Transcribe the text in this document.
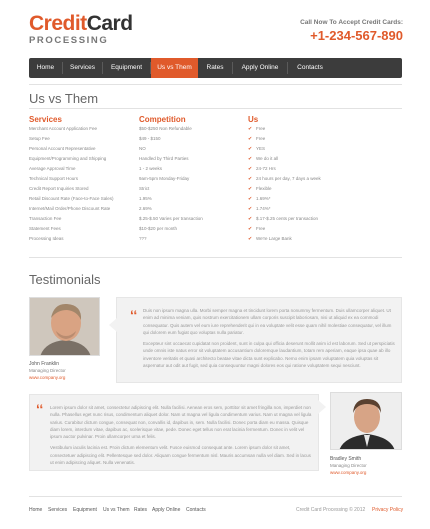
CreditCard
PROCESSING
Call Now To Accept Credit Cards:
+1-234-567-890
Home	Services	Equipment	Us vs Them	Rates	Apply Online	Contacts
Us vs Them
Services	Competition	Us
Merchant Account Application Fee	$50-$250 Non Refundable	✔ Free
Setup Fee	$49 - $150	✔ Free
Personal Account Representative	NO	✔ YES
Equipment/Programming and Shipping	Handled by Third Parties	✔ We do it all
Average Approval Time	1 - 2 weeks	✔ 24-72 Hrs
Technical Support Hours	9am-5pm Monday-Friday	✔ 24 hours per day, 7 days a week
Credit Report Inquiries Stored	Strict	✔ Flexible
Retail Discount Rate (Face-to-Face Sales)	1.95%	✔ 1.69%*
Internet/Mail Order/Phone Discount Rate	2.69%	✔ 1.74%*
Transaction Fee	$.25-$.50 Varies per transaction	✔ $.17-$.25 cents per transaction
Statement Fees	$10-$20 per month	✔ Free
Processing Ideas	???	✔ We're Large Bank
Testimonials
John Franklin
Managing Director
www.company.org

Duis non ipsum magna ulla. Morbi semper magna et tincidunt lorem porta nonummy fermentum. Duis ullamcorper aliquet. Ut enim ad minima veniam, quis nostrum exercitationem ullam corporis suscipit laboriosam, nisi ut aliquid ex ea commodi consequatur. Quis autem vel eum iure reprehenderit qui in ea voluptate velit esse quam nihil molestiae consequatur, vel illum qui dolorem eum fugiat quo voluptas nulla pariatur.

Excepteur sint occaecat cupidatat non proident, sunt in culpa qui officia deserunt mollit anim id est laborum. Sed ut perspiciatis unde omnis iste natus error sit voluptatem accusantium doloremque laudantium, totam rem aperiam, eaque ipsa quae ab illo inventore veritatis et quasi architecto beatae vitae dicta sunt explicabo. Nemo enim ipsam voluptatem quia voluptas sit aspernatur aut odit aut fugit, sed quia consequuntur magni dolores eos qui ratione voluptatem sequi nesciunt.

‘‘

Lorem ipsum dolor sit amet, consectetur adipiscing elit. Nulla facilisi. Aenean eros sem, porttitor sit amet fringilla non, imperdiet non nulla. Phasellus eget nunc risus, condimentum aliquet dolor. Nam ut magna vel ligula condimentum varius. Nam ut magna vel ligula varius. Curabitur dictum congue, consequat non, convallis id, dapibus in, sem. Nulla facilisi. Donec porta diam eu massa. Quisque diam lorem, interdum vitae, dapibus ac, scelerisque vitae, pede. Donec eget tellus non erat lacinia fermentum. Donec in velit vel ipsum auctor pulvinar. Proin ullamcorper urna et felis.

Vestibulum iaculis lacinia est. Proin dictum elementum velit. Fusce euismod consequat ante. Lorem ipsum dolor sit amet, consectetuer adipiscing elit. Pellentesque sed dolor. Aliquam congue fermentum nisl. Mauris accumsan nulla vel diam. Sed in lacus ut enim adipiscing aliquet. Nulla venenatis.

‘‘
Bradley Smith
Managing Director
www.company.org
Home Services Equipment Us vs Them Rates Apply Online Contacts	Credit Card Processing © 2012 Privacy Policy
